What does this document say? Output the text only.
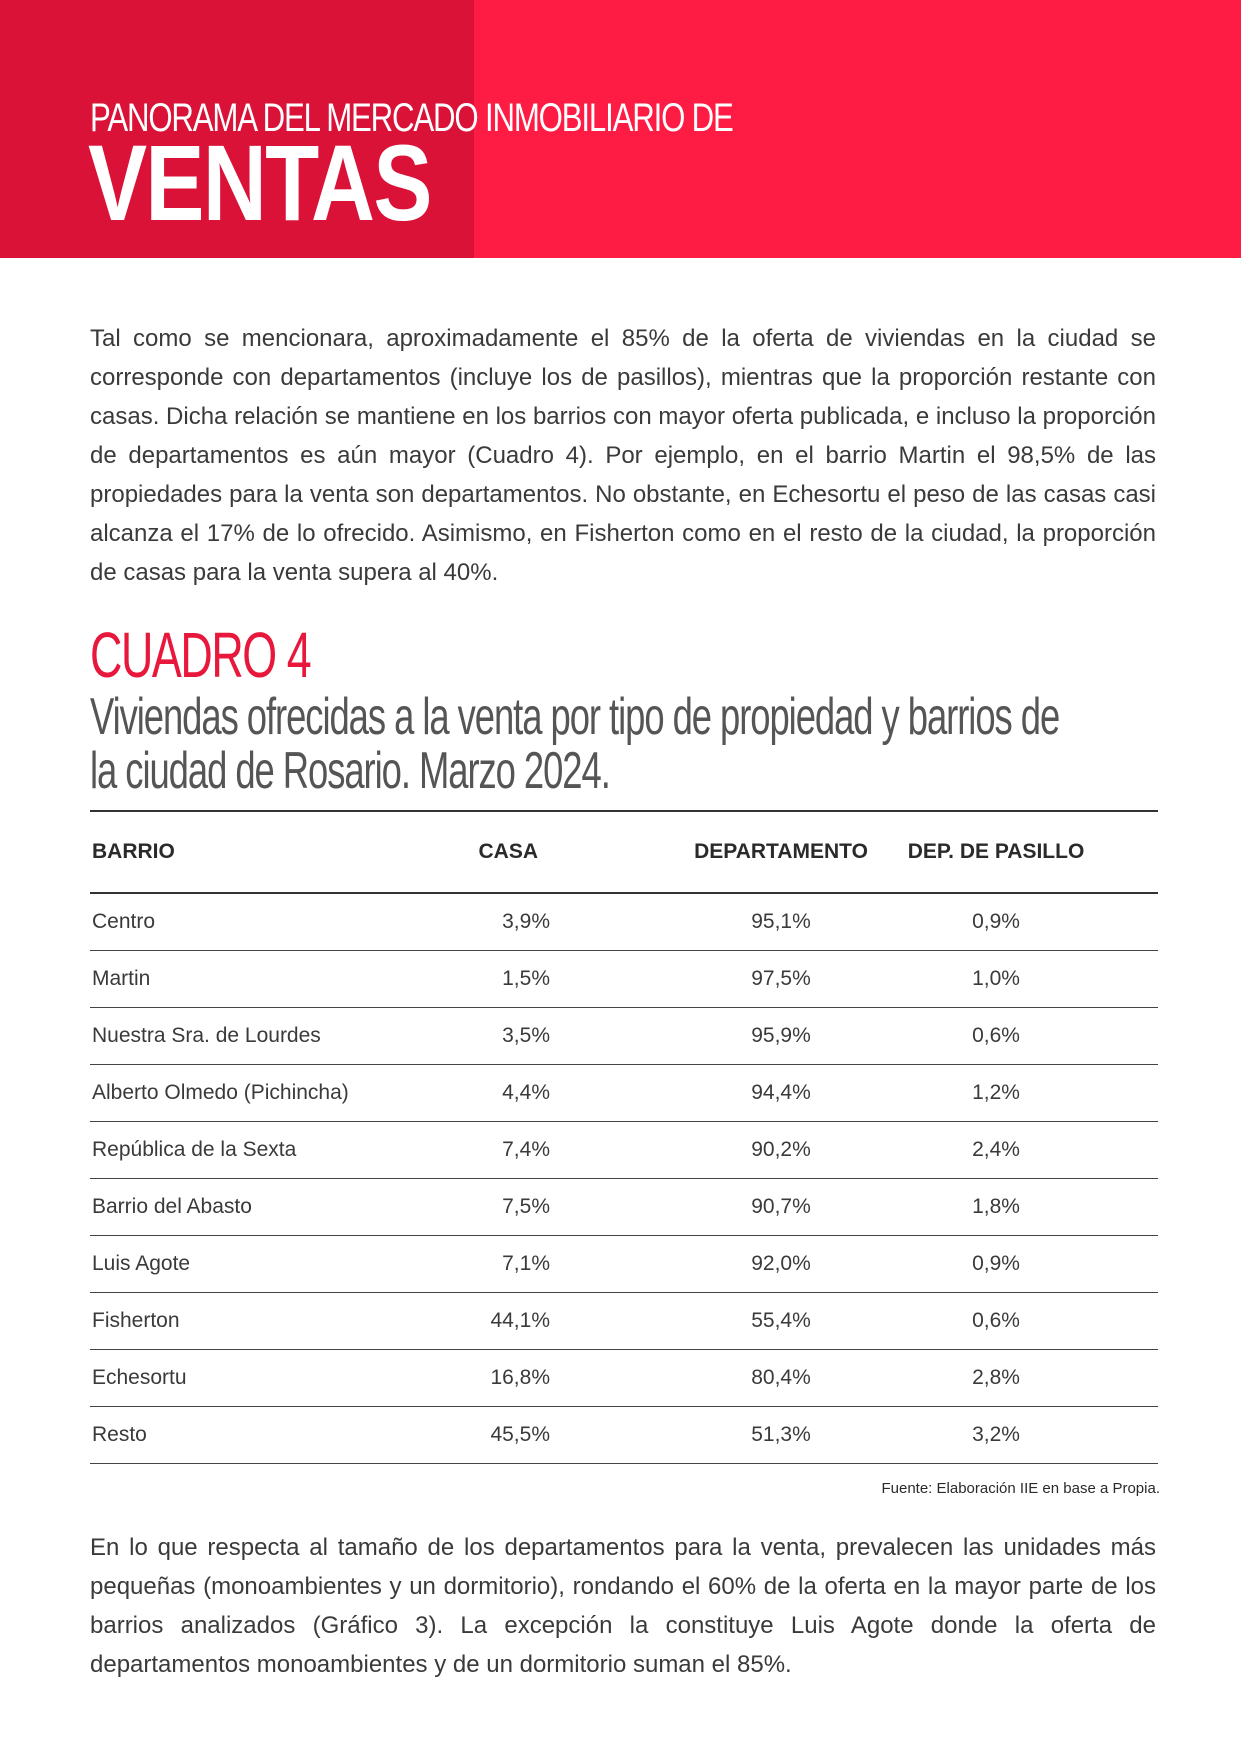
PANORAMA DEL MERCADO INMOBILIARIO DE
VENTAS

Tal como se mencionara, aproximadamente el 85% de la oferta de viviendas en la ciudad se corresponde con departamentos (incluye los de pasillos), mientras que la proporción restante con casas. Dicha relación se mantiene en los barrios con mayor oferta publicada, e incluso la proporción de departamentos es aún mayor (Cuadro 4). Por ejemplo, en el barrio Martin el 98,5% de las propiedades para la venta son departamentos. No obstante, en Echesortu el peso de las casas casi alcanza el 17% de lo ofrecido. Asimismo, en Fisherton como en el resto de la ciudad, la proporción de casas para la venta supera al 40%.

CUADRO 4
Viviendas ofrecidas a la venta por tipo de propiedad y barrios de la ciudad de Rosario. Marzo 2024.
BARRIO	CASA	DEPARTAMENTO	DEP. DE PASILLO
Centro	3,9%	95,1%	0,9%
Martin	1,5%	97,5%	1,0%
Nuestra Sra. de Lourdes	3,5%	95,9%	0,6%
Alberto Olmedo (Pichincha)	4,4%	94,4%	1,2%
República de la Sexta	7,4%	90,2%	2,4%
Barrio del Abasto	7,5%	90,7%	1,8%
Luis Agote	7,1%	92,0%	0,9%
Fisherton	44,1%	55,4%	0,6%
Echesortu	16,8%	80,4%	2,8%
Resto	45,5%	51,3%	3,2%
Fuente: Elaboración IIE en base a Propia.

En lo que respecta al tamaño de los departamentos para la venta, prevalecen las unidades más pequeñas (monoambientes y un dormitorio), rondando el 60% de la oferta en la mayor parte de los barrios analizados (Gráfico 3). La excepción la constituye Luis Agote donde la oferta de departamentos monoambientes y de un dormitorio suman el 85%.
